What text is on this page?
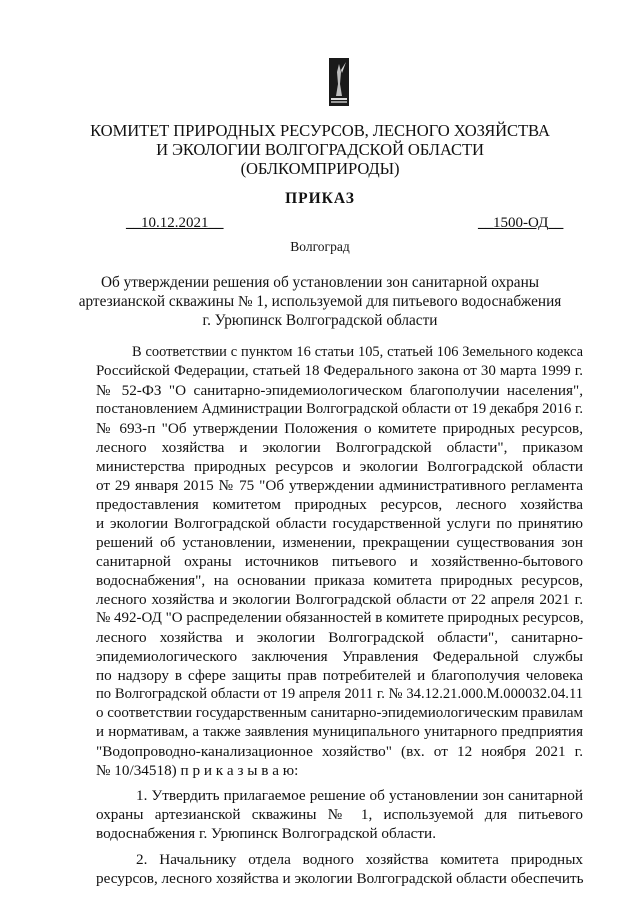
КОМИТЕТ ПРИРОДНЫХ РЕСУРСОВ, ЛЕСНОГО ХОЗЯЙСТВА
И ЭКОЛОГИИ ВОЛГОГРАДСКОЙ ОБЛАСТИ
(ОБЛКОМПРИРОДЫ)
ПРИКАЗ
__10.12.2021__	__1500-ОД__
Волгоград
Об утверждении решения об установлении зон санитарной охраны
артезианской скважины № 1, используемой для питьевого водоснабжения
г. Урюпинск Волгоградской области
В соответствии с пунктом 16 статьи 105, статьей 106 Земельного кодекса
Российской Федерации, статьей 18 Федерального закона от 30 марта 1999 г.
№ 52-ФЗ "О санитарно-эпидемиологическом благополучии населения",
постановлением Администрации Волгоградской области от 19 декабря 2016 г.
№ 693-п "Об утверждении Положения о комитете природных ресурсов,
лесного хозяйства и экологии Волгоградской области", приказом
министерства природных ресурсов и экологии Волгоградской области
от 29 января 2015 № 75 "Об утверждении административного регламента
предоставления комитетом природных ресурсов, лесного хозяйства
и экологии Волгоградской области государственной услуги по принятию
решений об установлении, изменении, прекращении существования зон
санитарной охраны источников питьевого и хозяйственно-бытового
водоснабжения", на основании приказа комитета природных ресурсов,
лесного хозяйства и экологии Волгоградской области от 22 апреля 2021 г.
№ 492-ОД "О распределении обязанностей в комитете природных ресурсов,
лесного хозяйства и экологии Волгоградской области", санитарно-
эпидемиологического заключения Управления Федеральной службы
по надзору в сфере защиты прав потребителей и благополучия человека
по Волгоградской области от 19 апреля 2011 г. № 34.12.21.000.М.000032.04.11
о соответствии государственным санитарно-эпидемиологическим правилам
и нормативам, а также заявления муниципального унитарного предприятия
"Водопроводно-канализационное хозяйство" (вх. от 12 ноября 2021 г.
№ 10/34518) п р и к а з ы в а ю:
1. Утвердить прилагаемое решение об установлении зон санитарной
охраны артезианской скважины № 1, используемой для питьевого
водоснабжения г. Урюпинск Волгоградской области.
2. Начальнику отдела водного хозяйства комитета природных
ресурсов, лесного хозяйства и экологии Волгоградской области обеспечить
